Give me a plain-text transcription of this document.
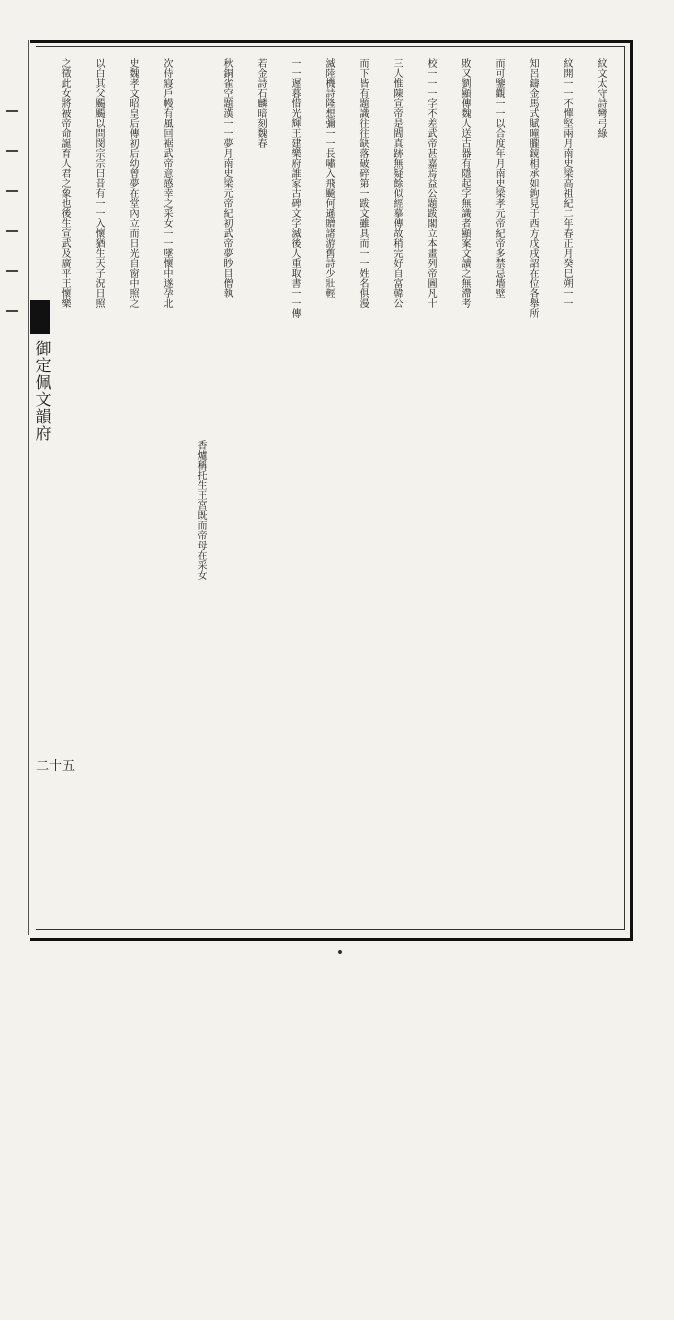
御定佩文韻府
二十五
紋文太守詩彎弓綠
紋開一一不憚堅兩月南史梁高祖紀二年春正月癸巳朔一一
知呂鑄金馬式賦曈朧鏡相承如鉤見于西方戊戌詔在位各舉所
而可鑒觀一一以合度年月南史梁孝元帝紀帝多禁忌墻壁
敗又劉顯傳魏人送古器有隱起字無識者顯案文讀之無滯考
校一一一字不差武帝甚嘉焉益公題跋閣立本畫列帝圖凡十
三人惟陳宣帝是閻真跡無疑餘似經摹傳故稍完好自富韓公
而下皆有題識往往缺落破碎第一跋文雖具而一一姓名俱漫
滅陸機詩隆想彌一一長嘯入飛飈何遜贈諸游舊詩少壯輕
一一遲暮惜光輝王建樂府誰家古碑文字滅後人重取書一一傳
若金詩石麟暗刻魏春
秋銅雀空題漢一一夢月南史梁元帝紀初武帝夢眇目僧執
香爐稱托生王宮既而帝母在采女
次侍寢戶幔有風回裾武帝意感幸之采女一一墜懷中遂孕北
史魏孝文昭皇后傳初后幼曾夢在堂內立而日光自窗中照之
以白其父颺颺以問閔宗宗曰昔有一一入懷猶生天子況日照
之徵此女將被帝命誕育人君之象也後生宣武及廣平王懷樂
